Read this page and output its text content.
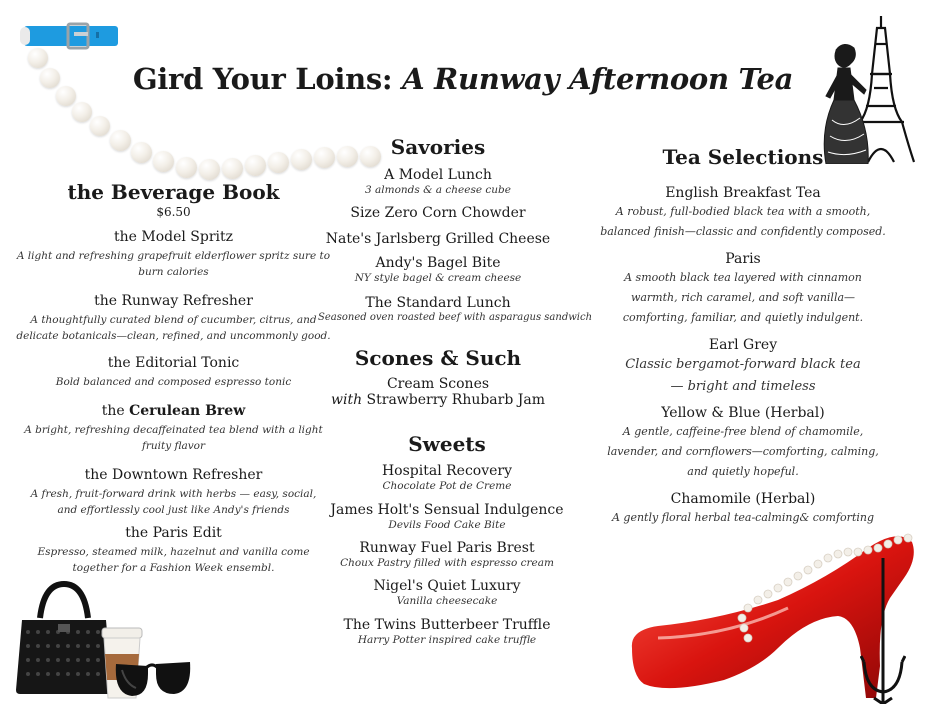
Gird Your Loins: A Runway Afternoon Tea
the Beverage Book
$6.50
the Model Spritz
A light and refreshing grapefruit elderflower spritz sure to burn calories
the Runway Refresher
A thoughtfully curated blend of cucumber, citrus, and delicate botanicals—clean, refined, and uncommonly good.
the Editorial Tonic
Bold balanced and composed espresso tonic
the Cerulean Brew
A bright, refreshing decaffeinated tea blend with a light fruity flavor
the Downtown Refresher
A fresh, fruit-forward drink with herbs — easy, social, and effortlessly cool just like Andy's friends
the Paris Edit
Espresso, steamed milk, hazelnut and vanilla come together for a Fashion Week ensembl.
Savories
A Model Lunch
3 almonds & a cheese cube
Size Zero Corn Chowder
Nate's Jarlsberg Grilled Cheese
Andy's Bagel Bite
NY style bagel & cream cheese
The Standard Lunch
Seasoned oven roasted beef with asparagus sandwich
Scones & Such
Cream Scones
with Strawberry Rhubarb Jam
Sweets
Hospital Recovery
Chocolate Pot de Creme
James Holt's Sensual Indulgence
Devils Food Cake Bite
Runway Fuel Paris Brest
Choux Pastry filled with espresso cream
Nigel's Quiet Luxury
Vanilla cheesecake
The Twins Butterbeer Truffle
Harry Potter inspired cake truffle
Tea Selections
English Breakfast Tea
A robust, full-bodied black tea with a smooth, balanced finish—classic and confidently composed.
Paris
A smooth black tea layered with cinnamon warmth, rich caramel, and soft vanilla—comforting, familiar, and quietly indulgent.
Earl Grey
Classic bergamot-forward black tea — bright and timeless
Yellow & Blue (Herbal)
A gentle, caffeine-free blend of chamomile, lavender, and cornflowers—comforting, calming, and quietly hopeful.
Chamomile (Herbal)
A gently floral herbal tea-calming& comforting
